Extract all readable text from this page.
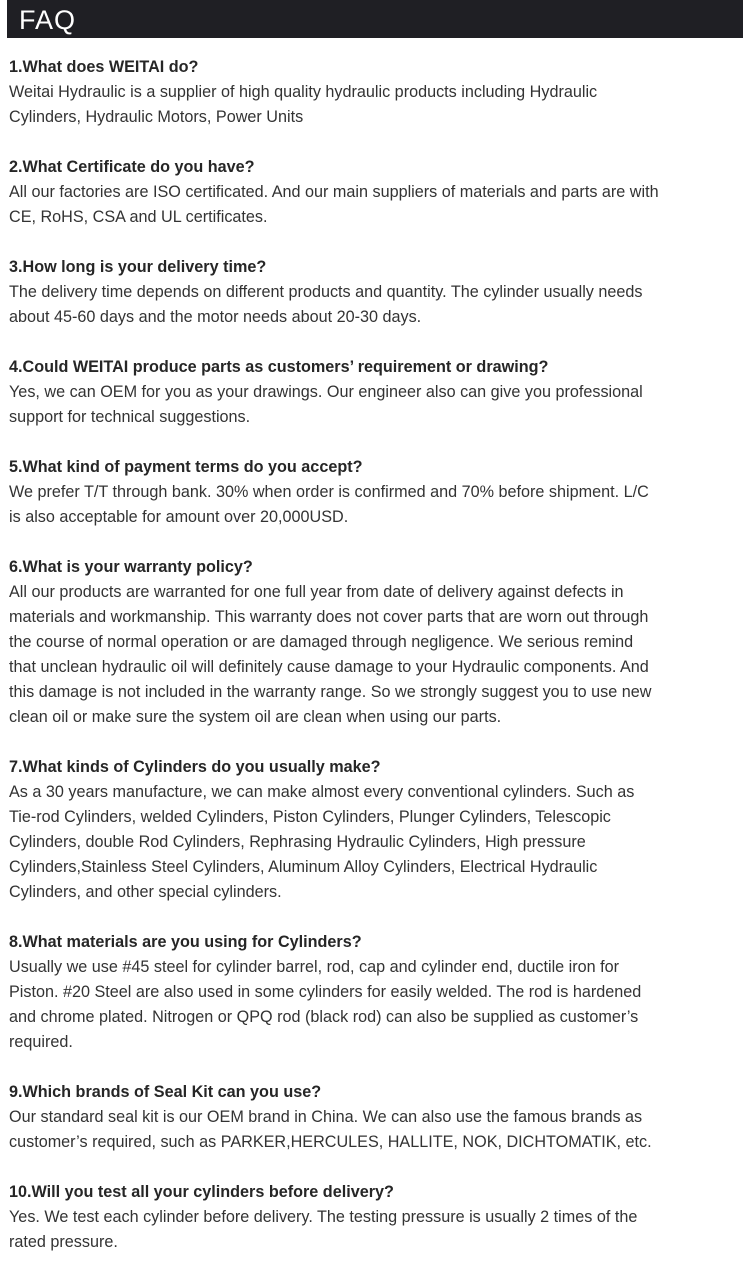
FAQ

1.What does WEITAI do?

Weitai Hydraulic is a supplier of high quality hydraulic products including Hydraulic
Cylinders, Hydraulic Motors, Power Units

2.What Certificate do you have?

All our factories are ISO certificated. And our main suppliers of materials and parts are with
CE, RoHS, CSA and UL certificates.

3.How long is your delivery time?

The delivery time depends on different products and quantity. The cylinder usually needs
about 45-60 days and the motor needs about 20-30 days.

4.Could WEITAI produce parts as customers’ requirement or drawing?

Yes, we can OEM for you as your drawings. Our engineer also can give you professional
support for technical suggestions.

5.What kind of payment terms do you accept?

We prefer T/T through bank. 30% when order is confirmed and 70% before shipment. L/C
is also acceptable for amount over 20,000USD.

6.What is your warranty policy?

All our products are warranted for one full year from date of delivery against defects in
materials and workmanship. This warranty does not cover parts that are worn out through
the course of normal operation or are damaged through negligence. We serious remind
that unclean hydraulic oil will definitely cause damage to your Hydraulic components. And
this damage is not included in the warranty range. So we strongly suggest you to use new
clean oil or make sure the system oil are clean when using our parts.

7.What kinds of Cylinders do you usually make?

As a 30 years manufacture, we can make almost every conventional cylinders. Such as
Tie-rod Cylinders, welded Cylinders, Piston Cylinders, Plunger Cylinders, Telescopic
Cylinders, double Rod Cylinders, Rephrasing Hydraulic Cylinders, High pressure
Cylinders,Stainless Steel Cylinders, Aluminum Alloy Cylinders, Electrical Hydraulic
Cylinders, and other special cylinders.

8.What materials are you using for Cylinders?

Usually we use #45 steel for cylinder barrel, rod, cap and cylinder end, ductile iron for
Piston. #20 Steel are also used in some cylinders for easily welded. The rod is hardened
and chrome plated. Nitrogen or QPQ rod (black rod) can also be supplied as customer’s
required.

9.Which brands of Seal Kit can you use?

Our standard seal kit is our OEM brand in China. We can also use the famous brands as
customer’s required, such as PARKER,HERCULES, HALLITE, NOK, DICHTOMATIK, etc.

10.Will you test all your cylinders before delivery?

Yes. We test each cylinder before delivery. The testing pressure is usually 2 times of the
rated pressure.
